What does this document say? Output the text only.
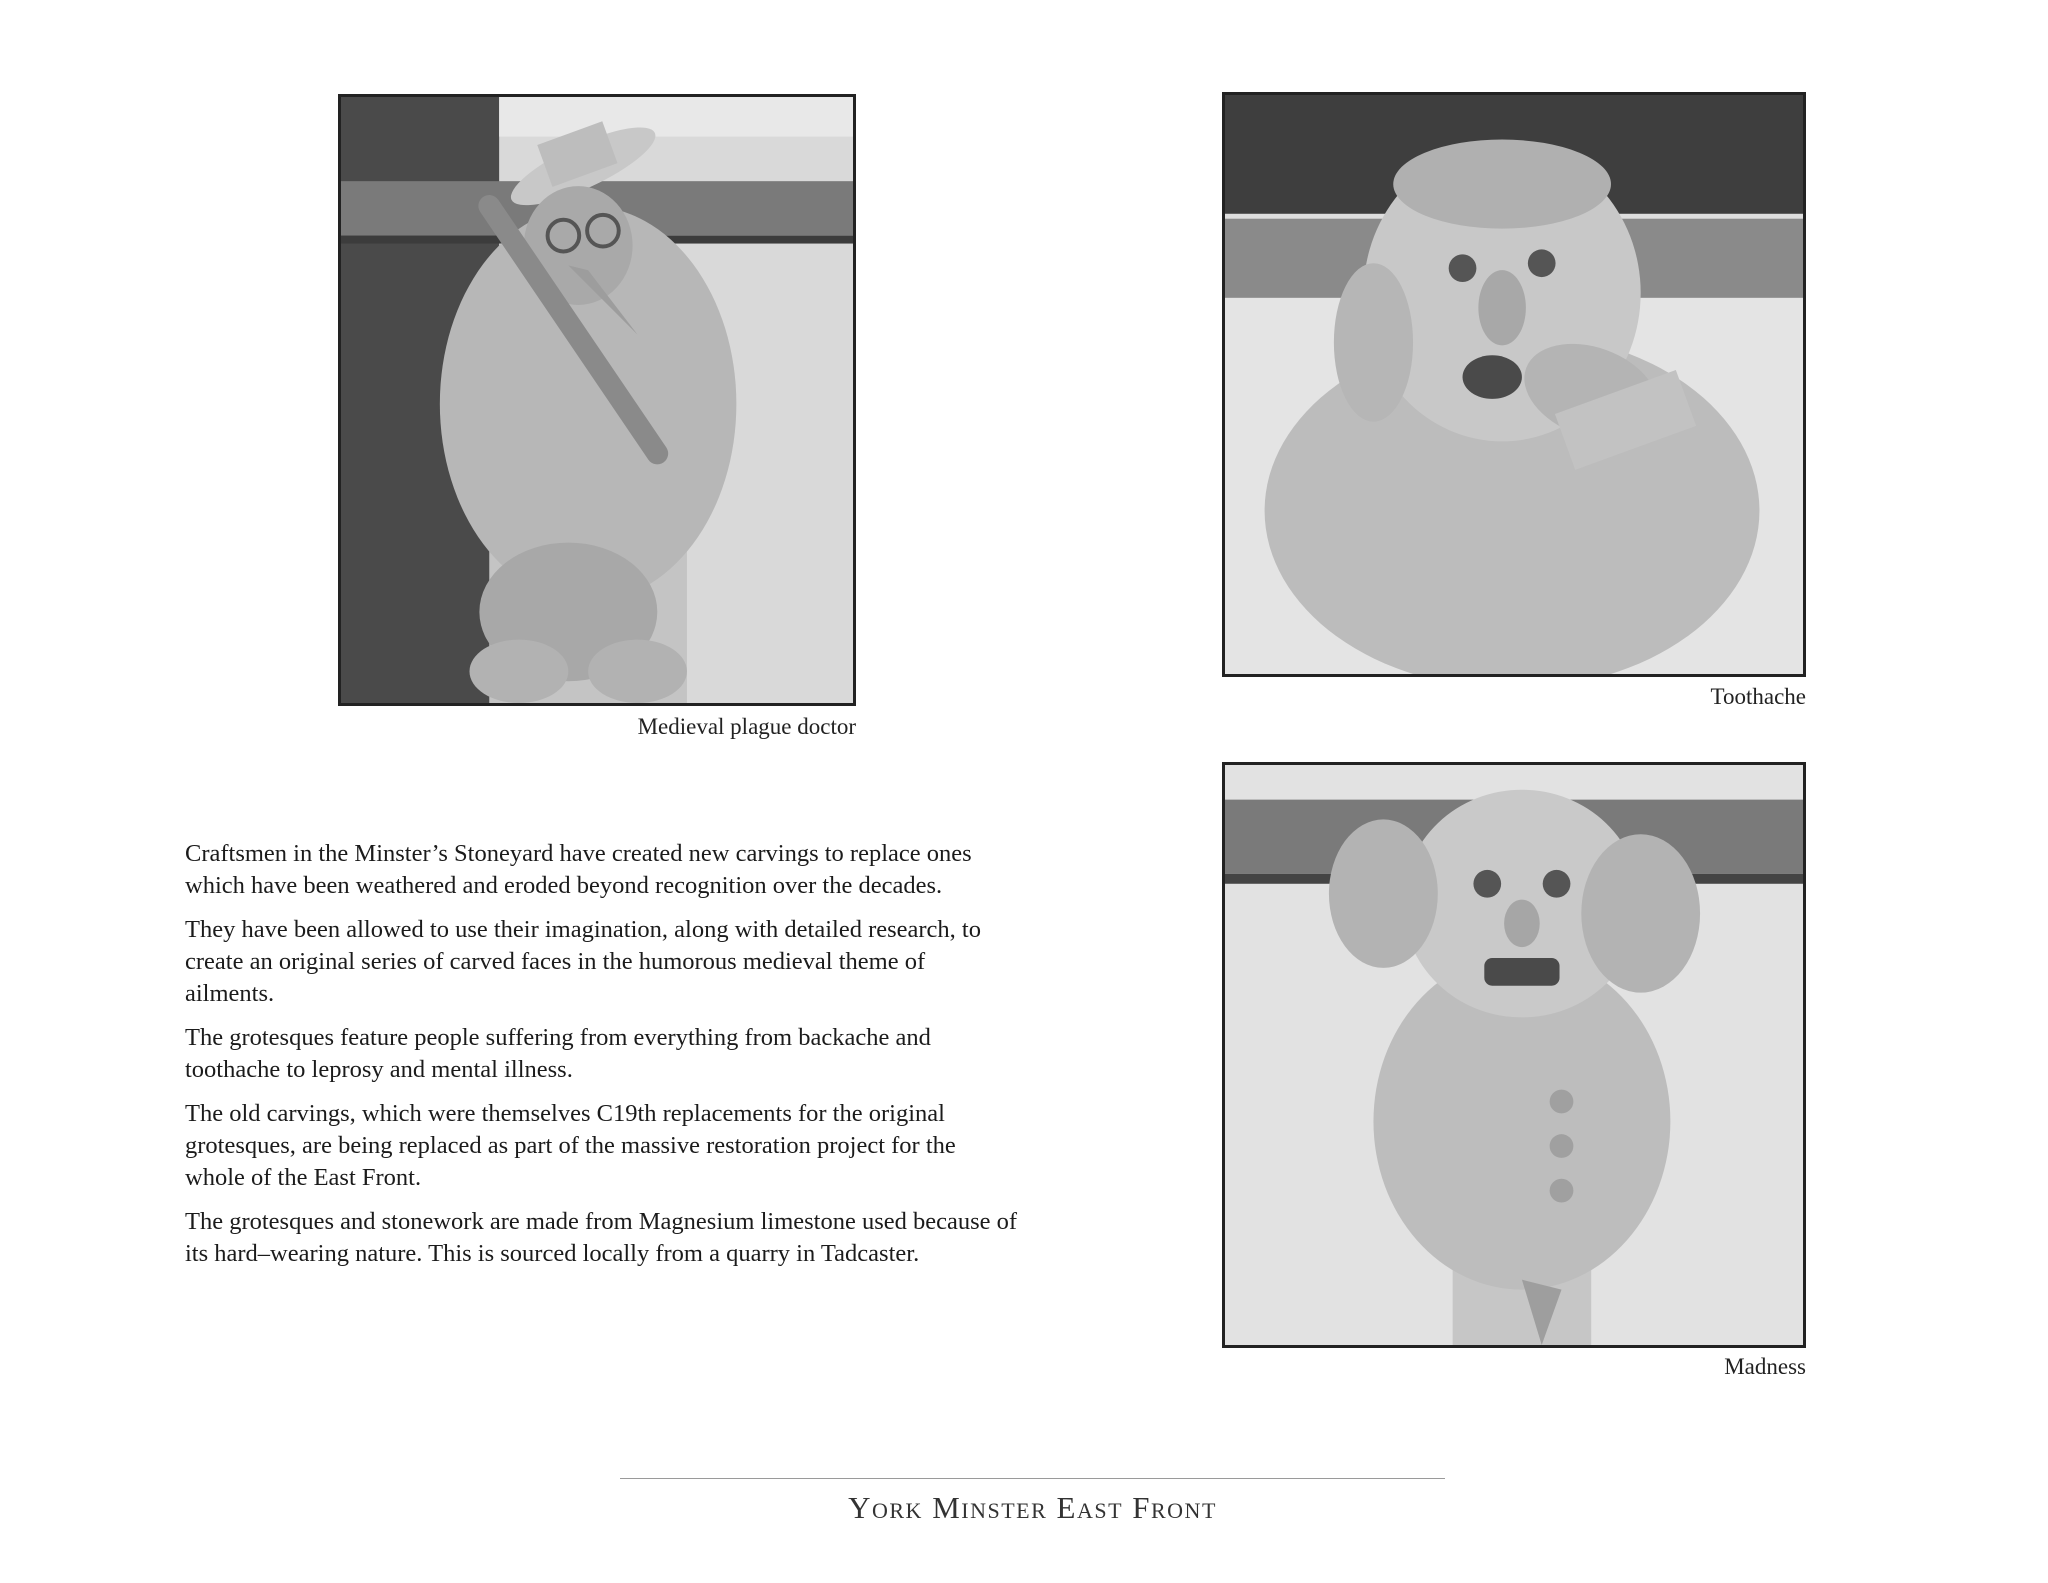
Medieval plague doctor
Toothache
Madness

Craftsmen in the Minster’s Stoneyard have created new carvings to replace ones which have been weathered and eroded beyond recognition over the decades.

They have been allowed to use their imagination, along with detailed research, to create an original series of carved faces in the humorous medieval theme of ailments.

The grotesques feature people suffering from everything from backache and toothache to leprosy and mental illness.

The old carvings, which were themselves C19th replacements for the original grotesques, are being replaced as part of the massive restoration project for the whole of the East Front.

The grotesques and stonework are made from Magnesium limestone used because of its hard–wearing nature. This is sourced locally from a quarry in Tadcaster.

York Minster East Front
